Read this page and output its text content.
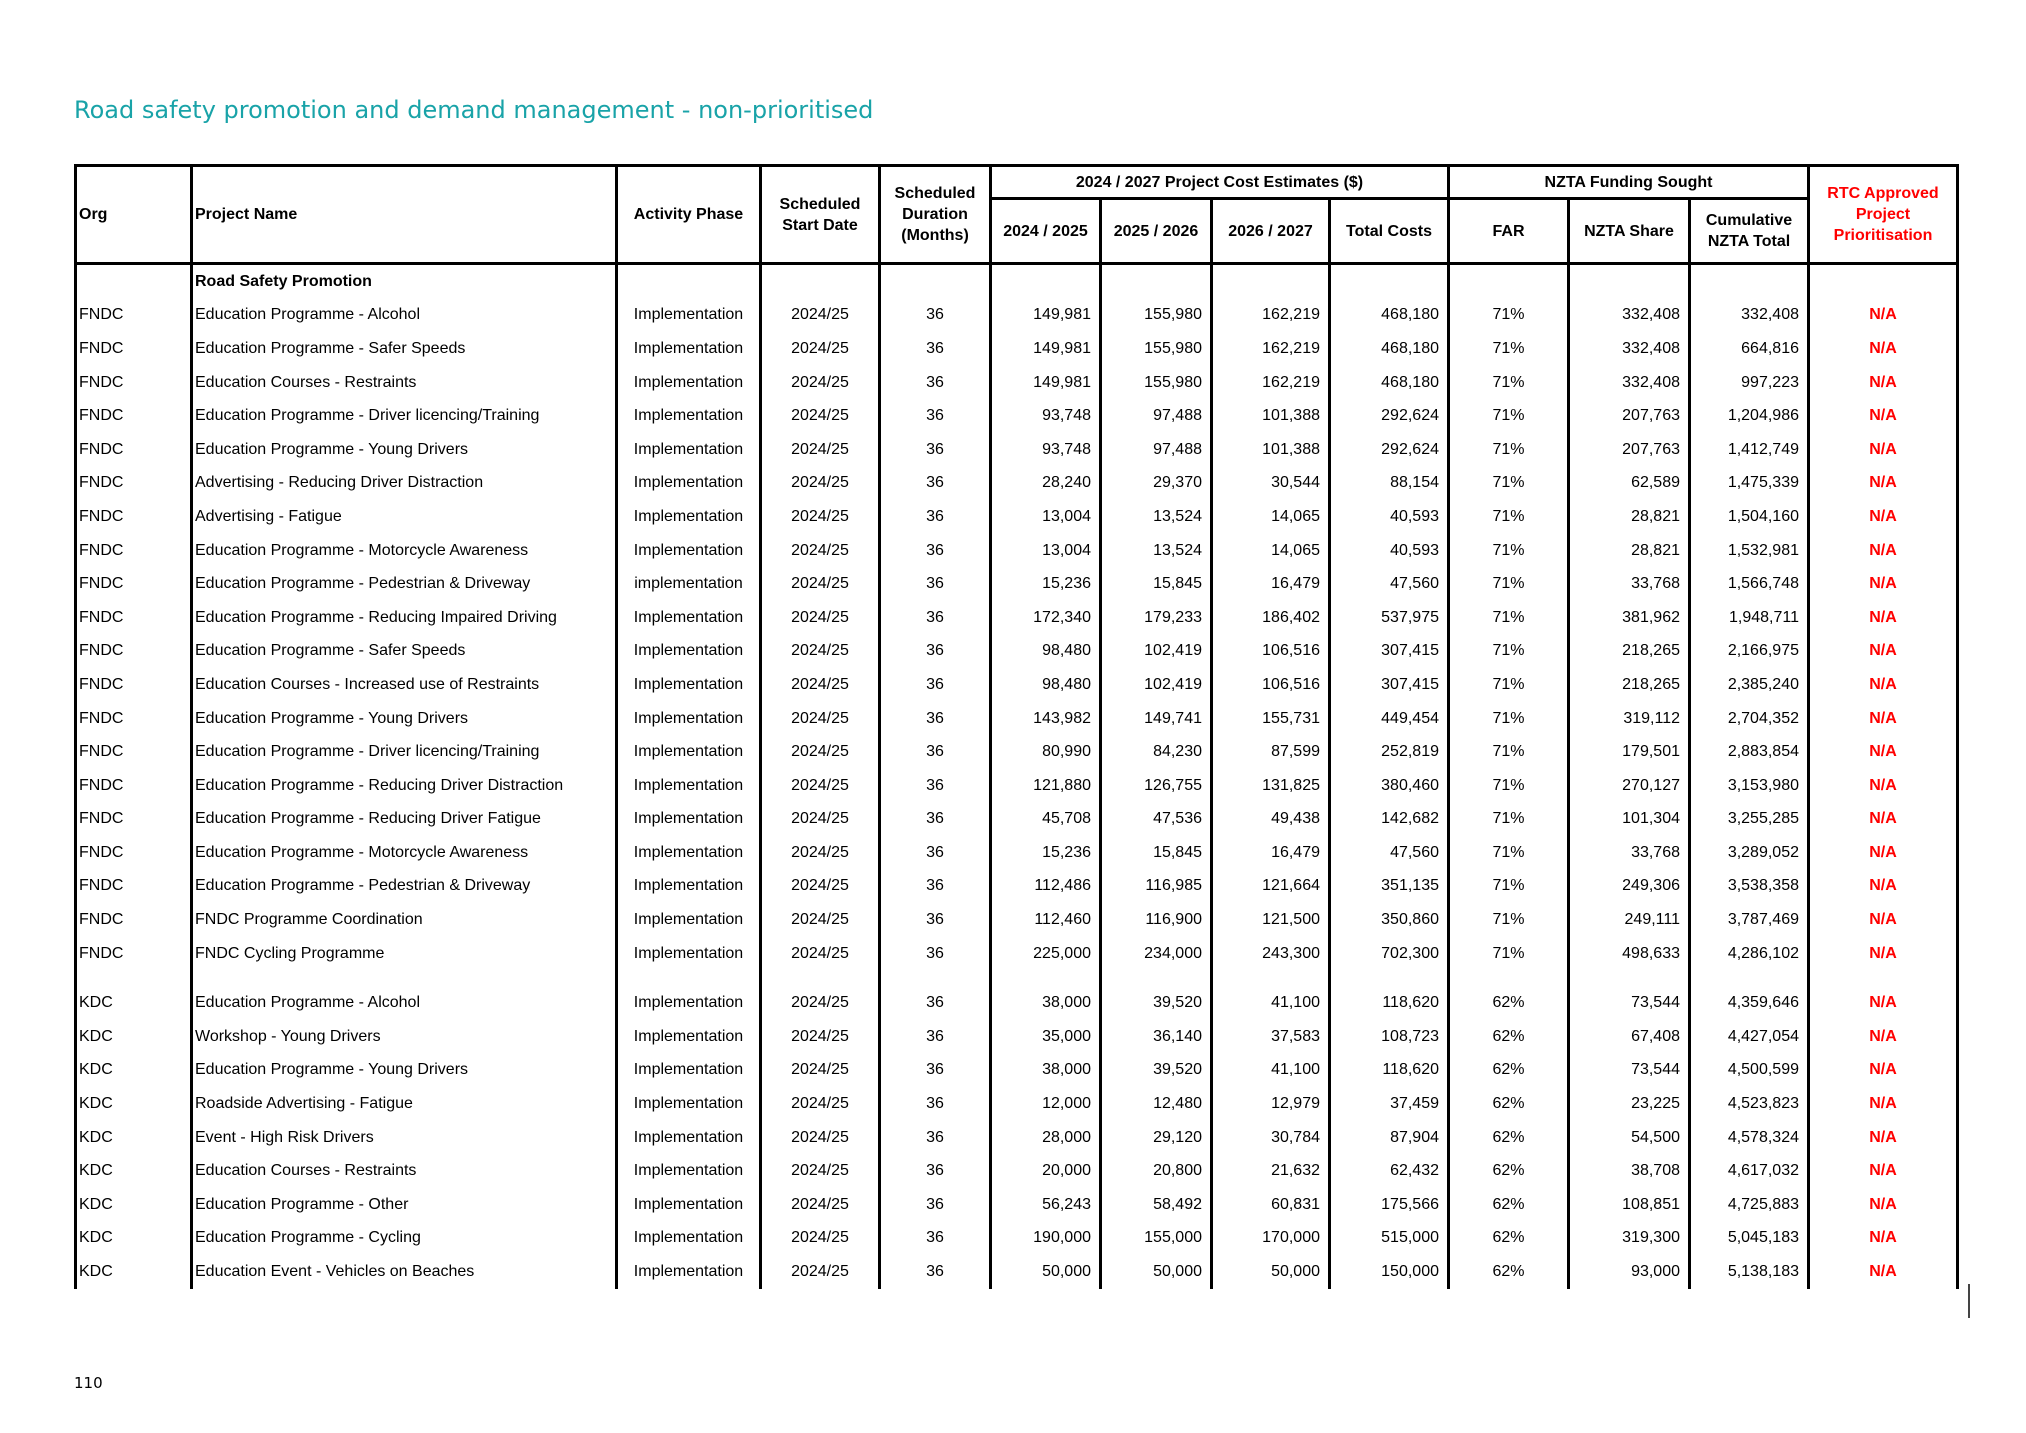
Road safety promotion and demand management - non-prioritised
Org	Project Name	Activity Phase	Scheduled Start Date	Scheduled Duration (Months)	2024 / 2027 Project Cost Estimates ($)				NZTA Funding Sought			RTC Approved Project Prioritisation
					2024 / 2025	2025 / 2026	2026 / 2027	Total Costs	FAR	NZTA Share	Cumulative NZTA Total	
	Road Safety Promotion											
FNDC	Education Programme - Alcohol	Implementation	2024/25	36	149,981	155,980	162,219	468,180	71%	332,408	332,408	N/A
FNDC	Education Programme - Safer Speeds	Implementation	2024/25	36	149,981	155,980	162,219	468,180	71%	332,408	664,816	N/A
FNDC	Education Courses - Restraints	Implementation	2024/25	36	149,981	155,980	162,219	468,180	71%	332,408	997,223	N/A
FNDC	Education Programme - Driver licencing/Training	Implementation	2024/25	36	93,748	97,488	101,388	292,624	71%	207,763	1,204,986	N/A
FNDC	Education Programme - Young Drivers	Implementation	2024/25	36	93,748	97,488	101,388	292,624	71%	207,763	1,412,749	N/A
FNDC	Advertising - Reducing Driver Distraction	Implementation	2024/25	36	28,240	29,370	30,544	88,154	71%	62,589	1,475,339	N/A
FNDC	Advertising - Fatigue	Implementation	2024/25	36	13,004	13,524	14,065	40,593	71%	28,821	1,504,160	N/A
FNDC	Education Programme - Motorcycle Awareness	Implementation	2024/25	36	13,004	13,524	14,065	40,593	71%	28,821	1,532,981	N/A
FNDC	Education Programme - Pedestrian & Driveway	implementation	2024/25	36	15,236	15,845	16,479	47,560	71%	33,768	1,566,748	N/A
FNDC	Education Programme - Reducing Impaired Driving	Implementation	2024/25	36	172,340	179,233	186,402	537,975	71%	381,962	1,948,711	N/A
FNDC	Education Programme - Safer Speeds	Implementation	2024/25	36	98,480	102,419	106,516	307,415	71%	218,265	2,166,975	N/A
FNDC	Education Courses - Increased use of Restraints	Implementation	2024/25	36	98,480	102,419	106,516	307,415	71%	218,265	2,385,240	N/A
FNDC	Education Programme - Young Drivers	Implementation	2024/25	36	143,982	149,741	155,731	449,454	71%	319,112	2,704,352	N/A
FNDC	Education Programme - Driver licencing/Training	Implementation	2024/25	36	80,990	84,230	87,599	252,819	71%	179,501	2,883,854	N/A
FNDC	Education Programme - Reducing Driver Distraction	Implementation	2024/25	36	121,880	126,755	131,825	380,460	71%	270,127	3,153,980	N/A
FNDC	Education Programme - Reducing Driver Fatigue	Implementation	2024/25	36	45,708	47,536	49,438	142,682	71%	101,304	3,255,285	N/A
FNDC	Education Programme - Motorcycle Awareness	Implementation	2024/25	36	15,236	15,845	16,479	47,560	71%	33,768	3,289,052	N/A
FNDC	Education Programme - Pedestrian & Driveway	Implementation	2024/25	36	112,486	116,985	121,664	351,135	71%	249,306	3,538,358	N/A
FNDC	FNDC Programme Coordination	Implementation	2024/25	36	112,460	116,900	121,500	350,860	71%	249,111	3,787,469	N/A
FNDC	FNDC Cycling Programme	Implementation	2024/25	36	225,000	234,000	243,300	702,300	71%	498,633	4,286,102	N/A

KDC	Education Programme - Alcohol	Implementation	2024/25	36	38,000	39,520	41,100	118,620	62%	73,544	4,359,646	N/A
KDC	Workshop - Young Drivers	Implementation	2024/25	36	35,000	36,140	37,583	108,723	62%	67,408	4,427,054	N/A
KDC	Education Programme - Young Drivers	Implementation	2024/25	36	38,000	39,520	41,100	118,620	62%	73,544	4,500,599	N/A
KDC	Roadside Advertising - Fatigue	Implementation	2024/25	36	12,000	12,480	12,979	37,459	62%	23,225	4,523,823	N/A
KDC	Event - High Risk Drivers	Implementation	2024/25	36	28,000	29,120	30,784	87,904	62%	54,500	4,578,324	N/A
KDC	Education Courses - Restraints	Implementation	2024/25	36	20,000	20,800	21,632	62,432	62%	38,708	4,617,032	N/A
KDC	Education Programme - Other	Implementation	2024/25	36	56,243	58,492	60,831	175,566	62%	108,851	4,725,883	N/A
KDC	Education Programme - Cycling	Implementation	2024/25	36	190,000	155,000	170,000	515,000	62%	319,300	5,045,183	N/A
KDC	Education Event - Vehicles on Beaches	Implementation	2024/25	36	50,000	50,000	50,000	150,000	62%	93,000	5,138,183	N/A
110
